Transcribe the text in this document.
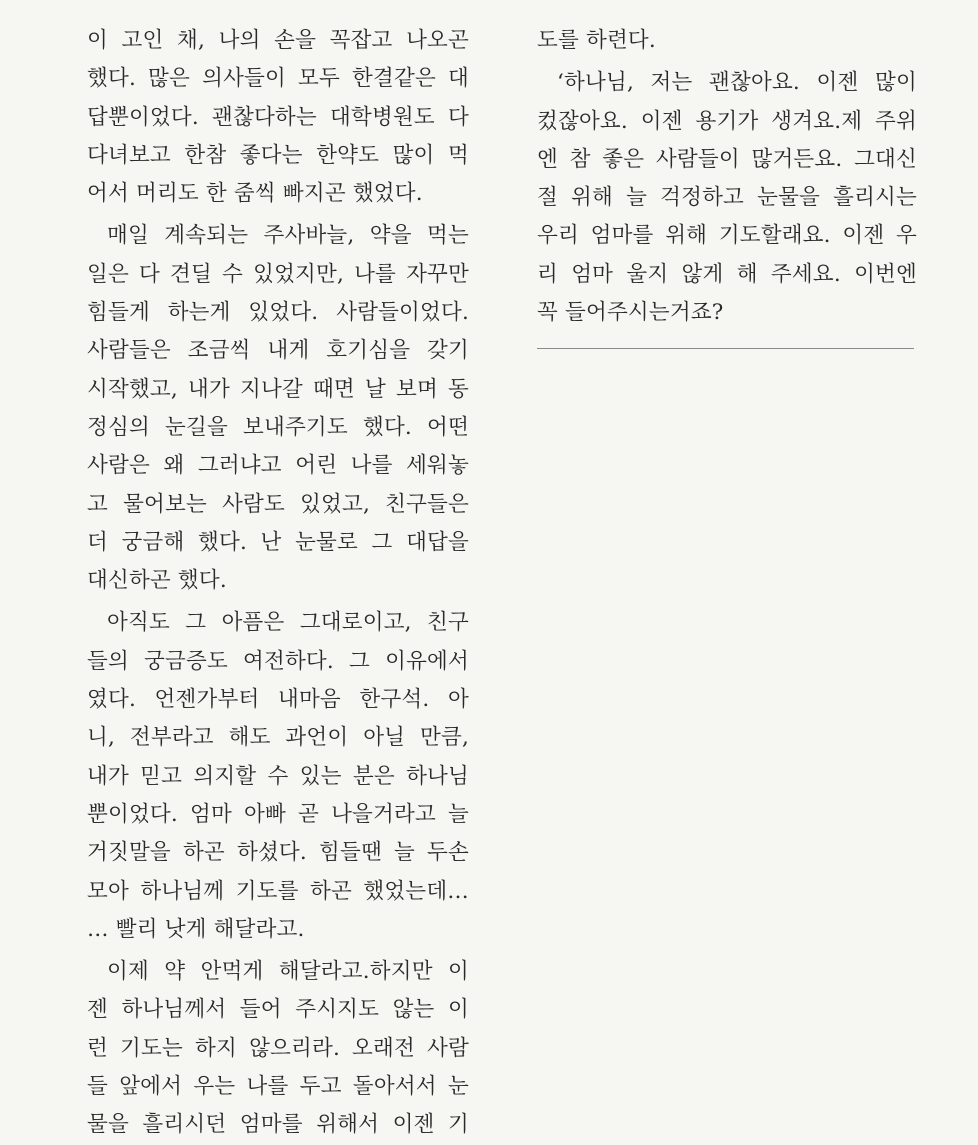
이 고인 채, 나의 손을 꼭잡고 나오곤
했다. 많은 의사들이 모두 한결같은 대
답뿐이었다. 괜찮다하는 대학병원도 다
다녀보고 한참 좋다는 한약도 많이 먹
어서 머리도 한 줌씩 빠지곤 했었다.
매일 계속되는 주사바늘, 약을 먹는
일은 다 견딜 수 있었지만, 나를 자꾸만
힘들게 하는게 있었다. 사람들이었다.
사람들은 조금씩 내게 호기심을 갖기
시작했고, 내가 지나갈 때면 날 보며 동
정심의 눈길을 보내주기도 했다. 어떤
사람은 왜 그러냐고 어린 나를 세워놓
고 물어보는 사람도 있었고, 친구들은
더 궁금해 했다. 난 눈물로 그 대답을
대신하곤 했다.
아직도 그 아픔은 그대로이고, 친구
들의 궁금증도 여전하다. 그 이유에서
였다. 언젠가부터 내마음 한구석. 아
니, 전부라고 해도 과언이 아닐 만큼,
내가 믿고 의지할 수 있는 분은 하나님
뿐이었다. 엄마 아빠 곧 나을거라고 늘
거짓말을 하곤 하셨다. 힘들땐 늘 두손
모아 하나님께 기도를 하곤 했었는데…
… 빨리 낫게 해달라고.
이제 약 안먹게 해달라고.하지만 이
젠 하나님께서 들어 주시지도 않는 이
런 기도는 하지 않으리라. 오래전 사람
들 앞에서 우는 나를 두고 돌아서서 눈
물을 흘리시던 엄마를 위해서 이젠 기
도를 하련다.
‘하나님, 저는 괜찮아요. 이젠 많이
컸잖아요. 이젠 용기가 생겨요.제 주위
엔 참 좋은 사람들이 많거든요. 그대신
절 위해 늘 걱정하고 눈물을 흘리시는
우리 엄마를 위해 기도할래요. 이젠 우
리 엄마 울지 않게 해 주세요. 이번엔
꼭 들어주시는거죠?
